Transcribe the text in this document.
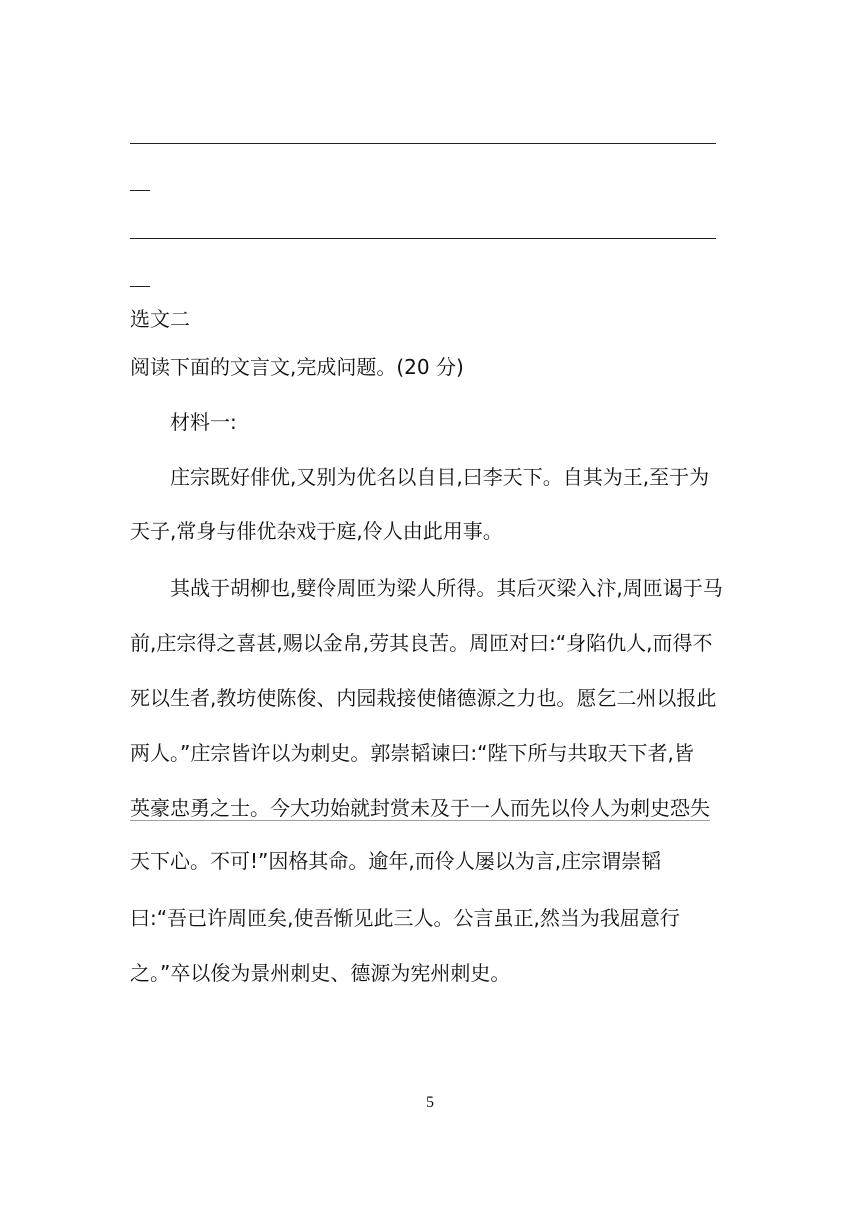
选文二
阅读下面的文言文,完成问题。(20 分)
材料一:
庄宗既好俳优,又别为优名以自目,曰李天下。自其为王,至于为
天子,常身与俳优杂戏于庭,伶人由此用事。
其战于胡柳也,嬖伶周匝为梁人所得。其后灭梁入汴,周匝谒于马
前,庄宗得之喜甚,赐以金帛,劳其良苦。周匝对曰:“身陷仇人,而得不
死以生者,教坊使陈俊、内园栽接使储德源之力也。愿乞二州以报此
两人。”庄宗皆许以为刺史。郭崇韬谏曰:“陛下所与共取天下者,皆
英豪忠勇之士。今大功始就封赏未及于一人而先以伶人为刺史恐失
天下心。不可!”因格其命。逾年,而伶人屡以为言,庄宗谓崇韬
曰:“吾已许周匝矣,使吾惭见此三人。公言虽正,然当为我屈意行
之。”卒以俊为景州刺史、德源为宪州刺史。
5
